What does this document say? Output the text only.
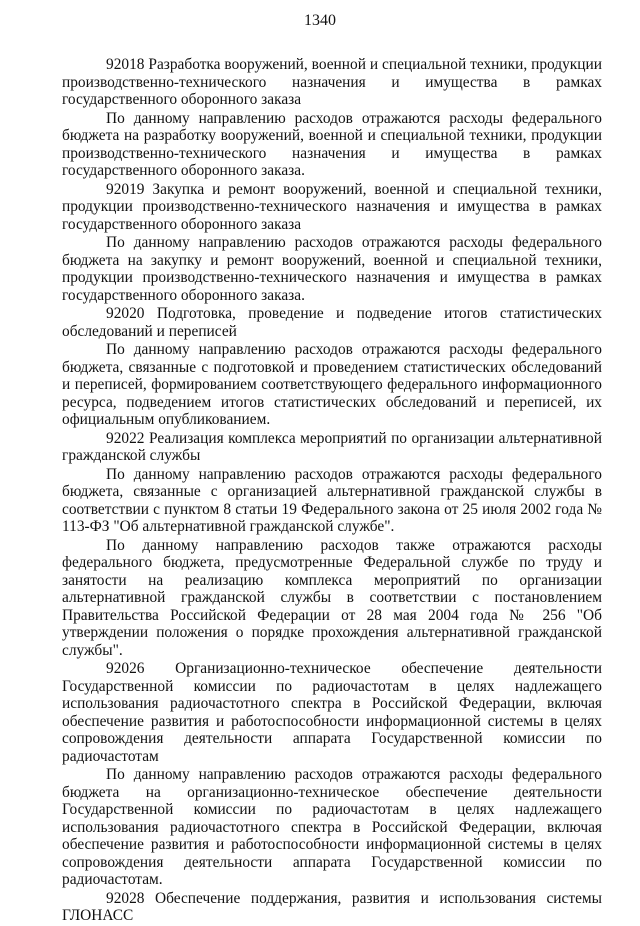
1340

92018 Разработка вооружений, военной и специальной техники, продукции производственно-технического назначения и имущества в рамках государственного оборонного заказа

По данному направлению расходов отражаются расходы федерального бюджета на разработку вооружений, военной и специальной техники, продукции производственно-технического назначения и имущества в рамках государственного оборонного заказа.

92019 Закупка и ремонт вооружений, военной и специальной техники, продукции производственно-технического назначения и имущества в рамках государственного оборонного заказа

По данному направлению расходов отражаются расходы федерального бюджета на закупку и ремонт вооружений, военной и специальной техники, продукции производственно-технического назначения и имущества в рамках государственного оборонного заказа.

92020 Подготовка, проведение и подведение итогов статистических обследований и переписей

По данному направлению расходов отражаются расходы федерального бюджета, связанные с подготовкой и проведением статистических обследований и переписей, формированием соответствующего федерального информационного ресурса, подведением итогов статистических обследований и переписей, их официальным опубликованием.

92022 Реализация комплекса мероприятий по организации альтернативной гражданской службы

По данному направлению расходов отражаются расходы федерального бюджета, связанные с организацией альтернативной гражданской службы в соответствии с пунктом 8 статьи 19 Федерального закона от 25 июля 2002 года № 113-ФЗ "Об альтернативной гражданской службе".

По данному направлению расходов также отражаются расходы федерального бюджета, предусмотренные Федеральной службе по труду и занятости на реализацию комплекса мероприятий по организации альтернативной гражданской службы в соответствии с постановлением Правительства Российской Федерации от 28 мая 2004 года № 256 "Об утверждении положения о порядке прохождения альтернативной гражданской службы".

92026 Организационно-техническое обеспечение деятельности Государственной комиссии по радиочастотам в целях надлежащего использования радиочастотного спектра в Российской Федерации, включая обеспечение развития и работоспособности информационной системы в целях сопровождения деятельности аппарата Государственной комиссии по радиочастотам

По данному направлению расходов отражаются расходы федерального бюджета на организационно-техническое обеспечение деятельности Государственной комиссии по радиочастотам в целях надлежащего использования радиочастотного спектра в Российской Федерации, включая обеспечение развития и работоспособности информационной системы в целях сопровождения деятельности аппарата Государственной комиссии по радиочастотам.

92028 Обеспечение поддержания, развития и использования системы ГЛОНАСС
